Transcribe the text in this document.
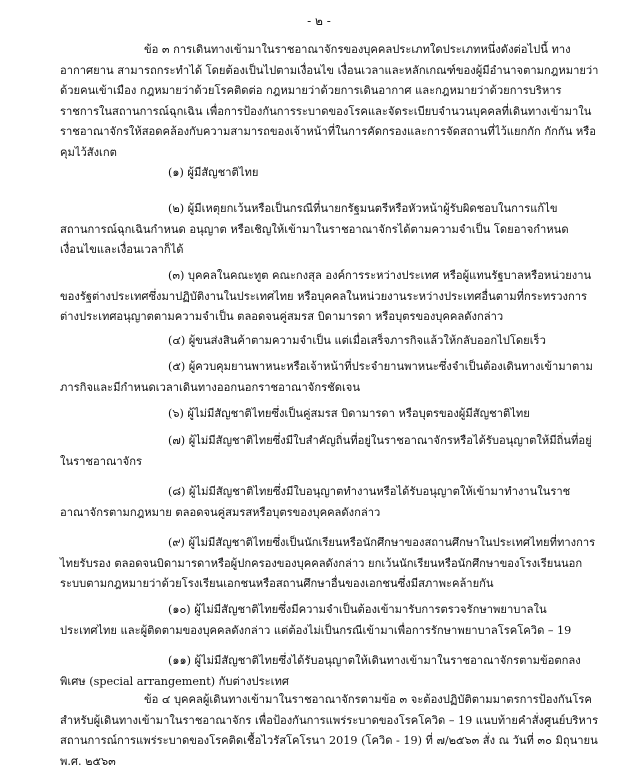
- ๒ -

ข้อ ๓ การเดินทางเข้ามาในราชอาณาจักรของบุคคลประเภทใดประเภทหนึ่งดังต่อไปนี้ ทางอากาศยาน สามารถกระทำได้ โดยต้องเป็นไปตามเงื่อนไข เงื่อนเวลาและหลักเกณฑ์ของผู้มีอำนาจตามกฎหมายว่าด้วยคนเข้าเมือง กฎหมายว่าด้วยโรคติดต่อ กฎหมายว่าด้วยการเดินอากาศ และกฎหมายว่าด้วยการบริหารราชการในสถานการณ์ฉุกเฉิน เพื่อการป้องกันการระบาดของโรคและจัดระเบียบจำนวนบุคคลที่เดินทางเข้ามาในราชอาณาจักรให้สอดคล้องกับความสามารถของเจ้าหน้าที่ในการคัดกรองและการจัดสถานที่ไว้แยกกัก กักกัน หรือคุมไว้สังเกต

(๑) ผู้มีสัญชาติไทย

(๒) ผู้มีเหตุยกเว้นหรือเป็นกรณีที่นายกรัฐมนตรีหรือหัวหน้าผู้รับผิดชอบในการแก้ไขสถานการณ์ฉุกเฉินกำหนด อนุญาต หรือเชิญให้เข้ามาในราชอาณาจักรได้ตามความจำเป็น โดยอาจกำหนดเงื่อนไขและเงื่อนเวลาก็ได้

(๓) บุคคลในคณะทูต คณะกงสุล องค์การระหว่างประเทศ หรือผู้แทนรัฐบาลหรือหน่วยงานของรัฐต่างประเทศซึ่งมาปฏิบัติงานในประเทศไทย หรือบุคคลในหน่วยงานระหว่างประเทศอื่นตามที่กระทรวงการต่างประเทศอนุญาตตามความจำเป็น ตลอดจนคู่สมรส บิดามารดา หรือบุตรของบุคคลดังกล่าว

(๔) ผู้ขนส่งสินค้าตามความจำเป็น แต่เมื่อเสร็จภารกิจแล้วให้กลับออกไปโดยเร็ว

(๕) ผู้ควบคุมยานพาหนะหรือเจ้าหน้าที่ประจำยานพาหนะซึ่งจำเป็นต้องเดินทางเข้ามาตามภารกิจและมีกำหนดเวลาเดินทางออกนอกราชอาณาจักรชัดเจน

(๖) ผู้ไม่มีสัญชาติไทยซึ่งเป็นคู่สมรส บิดามารดา หรือบุตรของผู้มีสัญชาติไทย

(๗) ผู้ไม่มีสัญชาติไทยซึ่งมีใบสำคัญถิ่นที่อยู่ในราชอาณาจักรหรือได้รับอนุญาตให้มีถิ่นที่อยู่ในราชอาณาจักร

(๘) ผู้ไม่มีสัญชาติไทยซึ่งมีใบอนุญาตทำงานหรือได้รับอนุญาตให้เข้ามาทำงานในราชอาณาจักรตามกฎหมาย ตลอดจนคู่สมรสหรือบุตรของบุคคลดังกล่าว

(๙) ผู้ไม่มีสัญชาติไทยซึ่งเป็นนักเรียนหรือนักศึกษาของสถานศึกษาในประเทศไทยที่ทางการไทยรับรอง ตลอดจนบิดามารดาหรือผู้ปกครองของบุคคลดังกล่าว ยกเว้นนักเรียนหรือนักศึกษาของโรงเรียนนอกระบบตามกฎหมายว่าด้วยโรงเรียนเอกชนหรือสถานศึกษาอื่นของเอกชนซึ่งมีสภาพะคล้ายกัน

(๑๐) ผู้ไม่มีสัญชาติไทยซึ่งมีความจำเป็นต้องเข้ามารับการตรวจรักษาพยาบาลในประเทศไทย และผู้ติดตามของบุคคลดังกล่าว แต่ต้องไม่เป็นกรณีเข้ามาเพื่อการรักษาพยาบาลโรคโควิด – 19

(๑๑) ผู้ไม่มีสัญชาติไทยซึ่งได้รับอนุญาตให้เดินทางเข้ามาในราชอาณาจักรตามข้อตกลงพิเศษ (special arrangement) กับต่างประเทศ

ข้อ ๔ บุคคลผู้เดินทางเข้ามาในราชอาณาจักรตามข้อ ๓ จะต้องปฏิบัติตามมาตรการป้องกันโรคสำหรับผู้เดินทางเข้ามาในราชอาณาจักร เพื่อป้องกันการแพร่ระบาดของโรคโควิด – 19 แนบท้ายคำสั่งศูนย์บริหารสถานการณ์การแพร่ระบาดของโรคติดเชื้อไวรัสโคโรนา 2019 (โควิด - 19) ที่ ๗/๒๕๖๓ สั่ง ณ วันที่ ๓๐ มิถุนายน พ.ศ. ๒๕๖๓
